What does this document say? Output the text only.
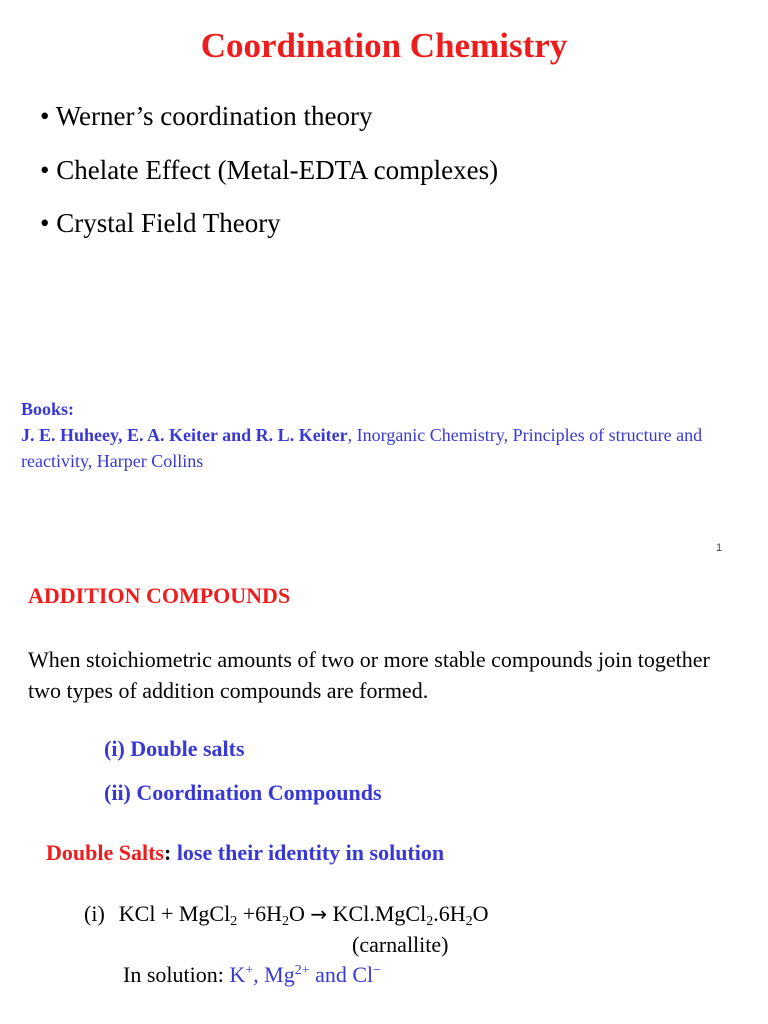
Coordination Chemistry
• Werner’s coordination theory
• Chelate Effect (Metal-EDTA complexes)
• Crystal Field Theory
Books:
J. E. Huheey, E. A. Keiter and R. L. Keiter, Inorganic Chemistry, Principles of structure and reactivity, Harper Collins
1
ADDITION COMPOUNDS
When stoichiometric amounts of two or more stable compounds join together two types of addition compounds are formed.
(i) Double salts
(ii) Coordination Compounds
Double Salts: lose their identity in solution
(i) KCl + MgCl$_2$ $+6H_2O$ → $KCl.MgCl_2.6H_2O$
(carnallite)
In solution: K+, $Mg^{2+}$ and Cl−
